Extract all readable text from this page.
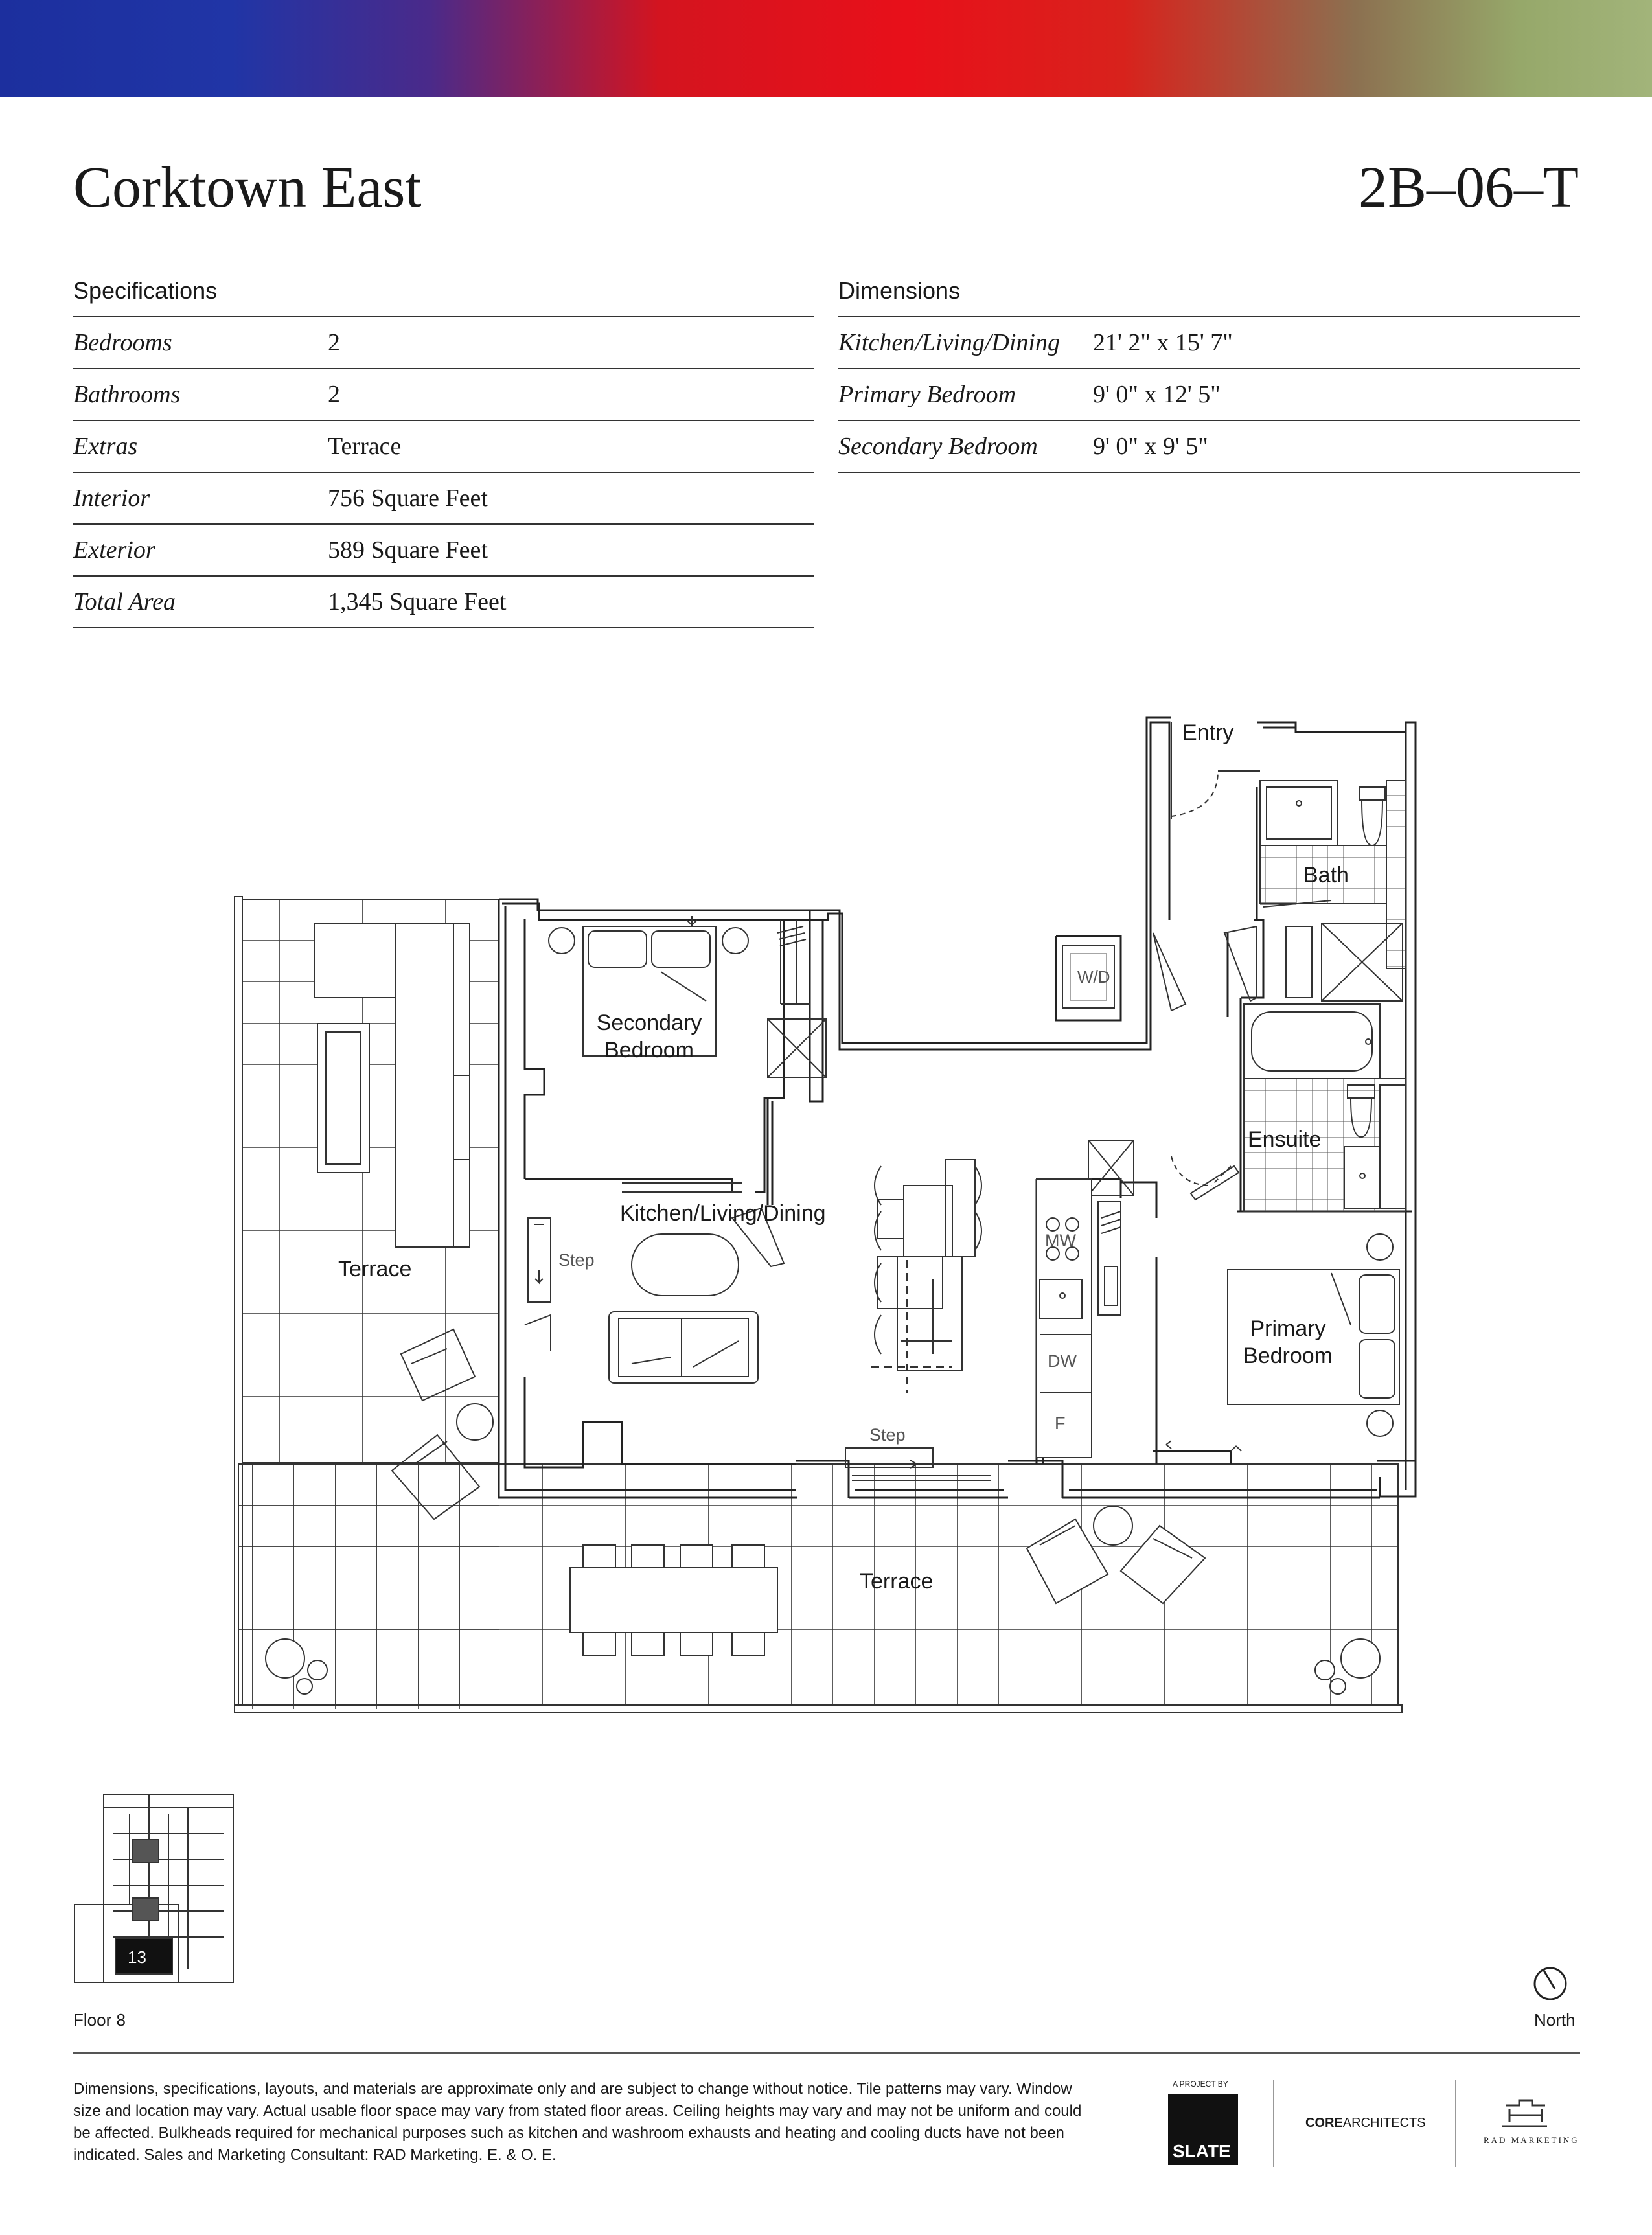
Corktown East	2B–06–T
Specifications
Bedrooms	2
Bathrooms	2
Extras	Terrace
Interior	756 Square Feet
Exterior	589 Square Feet
Total Area	1,345 Square Feet
Dimensions
Kitchen/Living/Dining	21' 2" x 15' 7"
Primary Bedroom	9' 0" x 12' 5"
Secondary Bedroom	9' 0" x 9' 5"
Entry
Bath
W/D
Secondary
Bedroom
Ensuite
Kitchen/Living/Dining
MW
Terrace	Step
DW
Primary
Bedroom
F
Step
Terrace
13
Floor 8	North
Dimensions, specifications, layouts, and materials are approximate only and are subject to change without notice. Tile patterns may vary. Window size and location may vary. Actual usable floor space may vary from stated floor areas. Ceiling heights may vary and may not be uniform and could be affected. Bulkheads required for mechanical purposes such as kitchen and washroom exhausts and heating and cooling ducts have not been indicated. Sales and Marketing Consultant: RAD Marketing. E. & O. E.
A PROJECT BY
SLATE
COREARCHITECTS
RAD MARKETING
